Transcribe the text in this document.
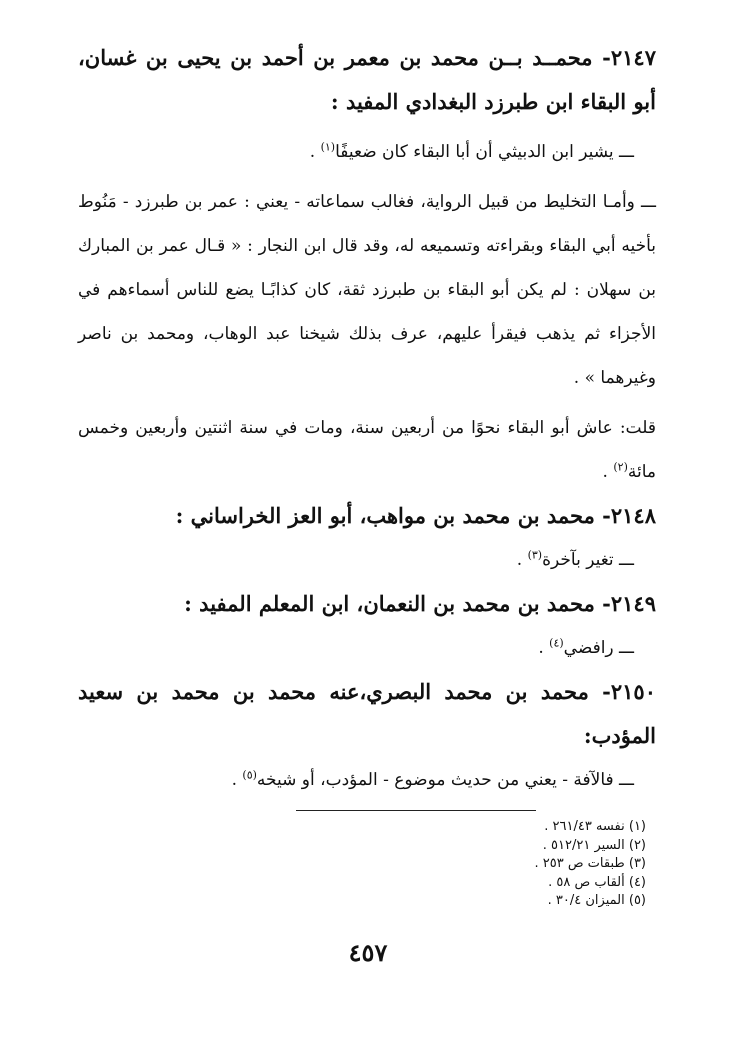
٢١٤٧- محمــد بــن محمد بن معمر بن أحمد بن يحيى بن غسان، أبو البقاء ابن طبرزد البغدادي المفيد :

ـــ يشير ابن الدبيثي أن أبا البقاء كان ضعيفًا$^{(١)}$ .

ـــ وأمـا التخليط من قبيل الرواية، فغالب سماعاته - يعني : عمر بن طبرزد - مَنُوط بأخيه أبي البقاء وبقراءته وتسميعه له، وقد قال ابن النجار : « قـال عمر بن المبارك بن سهلان : لم يكن أبو البقاء بن طبرزد ثقة، كان كذابًـا يضع للناس أسماءهم في الأجزاء ثم يذهب فيقرأ عليهم، عرف بذلك شيخنا عبد الوهاب، ومحمد بن ناصر وغيرهما » .

قلت: عاش أبو البقاء نحوًا من أربعين سنة، ومات في سنة اثنتين وأربعين وخمس مائة$^{(٢)}$ .

٢١٤٨- محمد بن محمد بن مواهب، أبو العز الخراساني :

ـــ تغير بآخرة$^{(٣)}$ .

٢١٤٩- محمد بن محمد بن النعمان، ابن المعلم المفيد :

ـــ رافضي$^{(٤)}$ .

٢١٥٠- محمد بن محمد البصري،عنه محمد بن محمد بن سعيد المؤدب:

ـــ فالآفة - يعني من حديث موضوع - المؤدب، أو شيخه$^{(٥)}$ .

(١) نفسه ٢٦١/٤٣ .
(٢) السير ٥١٢/٢١ .
(٣) طبقات ص ٢٥٣ .
(٤) ألقاب ص ٥٨ .
(٥) الميزان ٣٠/٤ .
٤٥٧
